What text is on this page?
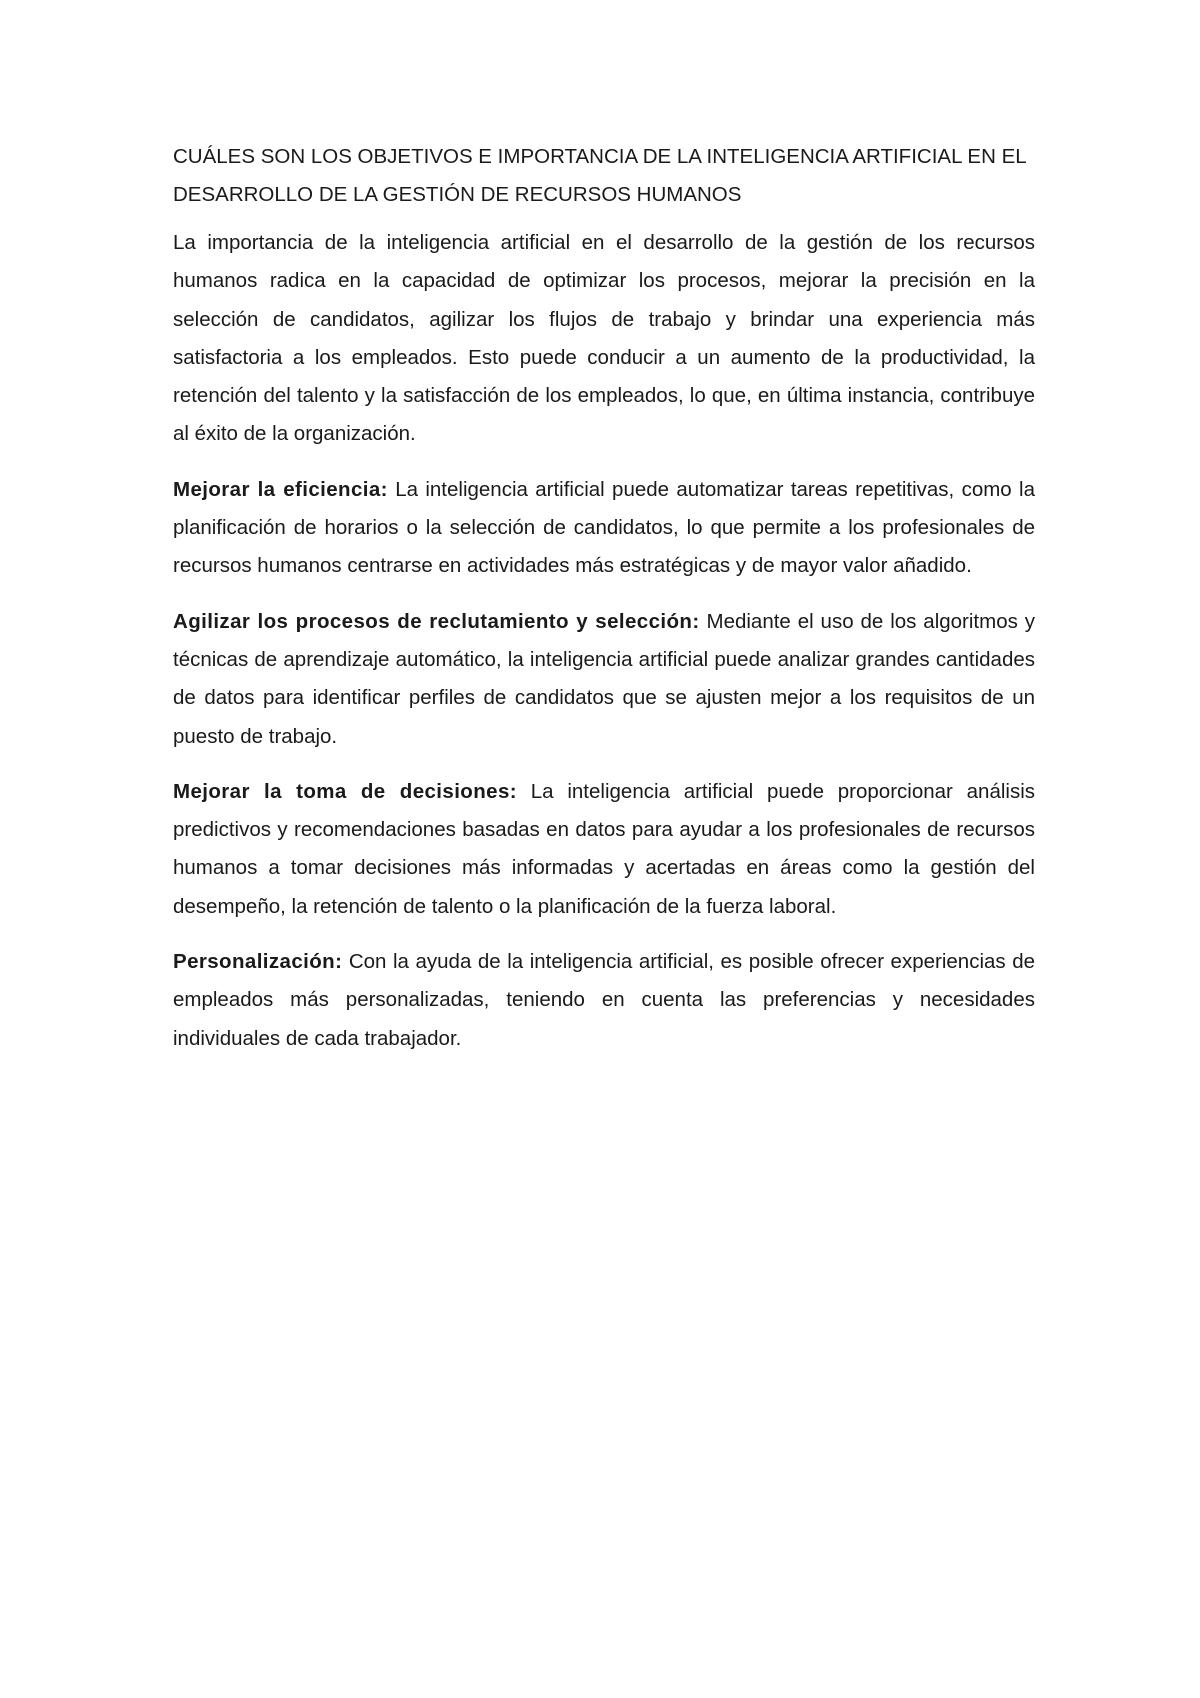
CUÁLES SON LOS OBJETIVOS E IMPORTANCIA DE LA INTELIGENCIA ARTIFICIAL EN EL DESARROLLO DE LA GESTIÓN DE RECURSOS HUMANOS

La importancia de la inteligencia artificial en el desarrollo de la gestión de los recursos humanos radica en la capacidad de optimizar los procesos, mejorar la precisión en la selección de candidatos, agilizar los flujos de trabajo y brindar una experiencia más satisfactoria a los empleados. Esto puede conducir a un aumento de la productividad, la retención del talento y la satisfacción de los empleados, lo que, en última instancia, contribuye al éxito de la organización.

Mejorar la eficiencia: La inteligencia artificial puede automatizar tareas repetitivas, como la planificación de horarios o la selección de candidatos, lo que permite a los profesionales de recursos humanos centrarse en actividades más estratégicas y de mayor valor añadido.

Agilizar los procesos de reclutamiento y selección: Mediante el uso de los algoritmos y técnicas de aprendizaje automático, la inteligencia artificial puede analizar grandes cantidades de datos para identificar perfiles de candidatos que se ajusten mejor a los requisitos de un puesto de trabajo.

Mejorar la toma de decisiones: La inteligencia artificial puede proporcionar análisis predictivos y recomendaciones basadas en datos para ayudar a los profesionales de recursos humanos a tomar decisiones más informadas y acertadas en áreas como la gestión del desempeño, la retención de talento o la planificación de la fuerza laboral.

Personalización: Con la ayuda de la inteligencia artificial, es posible ofrecer experiencias de empleados más personalizadas, teniendo en cuenta las preferencias y necesidades individuales de cada trabajador.
